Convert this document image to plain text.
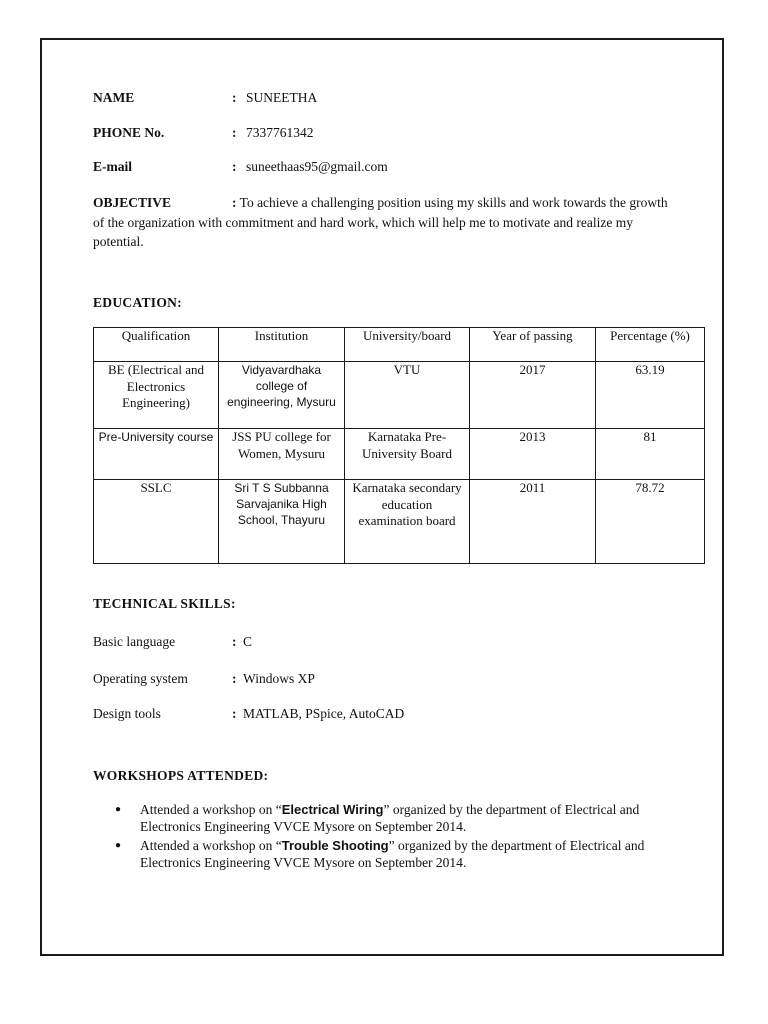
NAME	: SUNEETHA
PHONE No.	: 7337761342
E-mail	: suneethaas95@gmail.com
OBJECTIVE	: To achieve a challenging position using my skills and work towards the growth of the organization with commitment and hard work, which will help me to motivate and realize my potential.
EDUCATION:
Qualification	Institution	University/board	Year of passing	Percentage (%)
BE (Electrical and Electronics Engineering)	Vidyavardhaka college of engineering, Mysuru	VTU	2017	63.19
Pre-University course	JSS PU college for Women, Mysuru	Karnataka Pre-University Board	2013	81
SSLC	Sri T S Subbanna Sarvajanika High School, Thayuru	Karnataka secondary education examination board	2011	78.72
TECHNICAL SKILLS:
Basic language	: C
Operating system	: Windows XP
Design tools	: MATLAB, PSpice, AutoCAD
WORKSHOPS ATTENDED:
● Attended a workshop on “Electrical Wiring” organized by the department of Electrical and Electronics Engineering VVCE Mysore on September 2014.
● Attended a workshop on “Trouble Shooting” organized by the department of Electrical and Electronics Engineering VVCE Mysore on September 2014.
